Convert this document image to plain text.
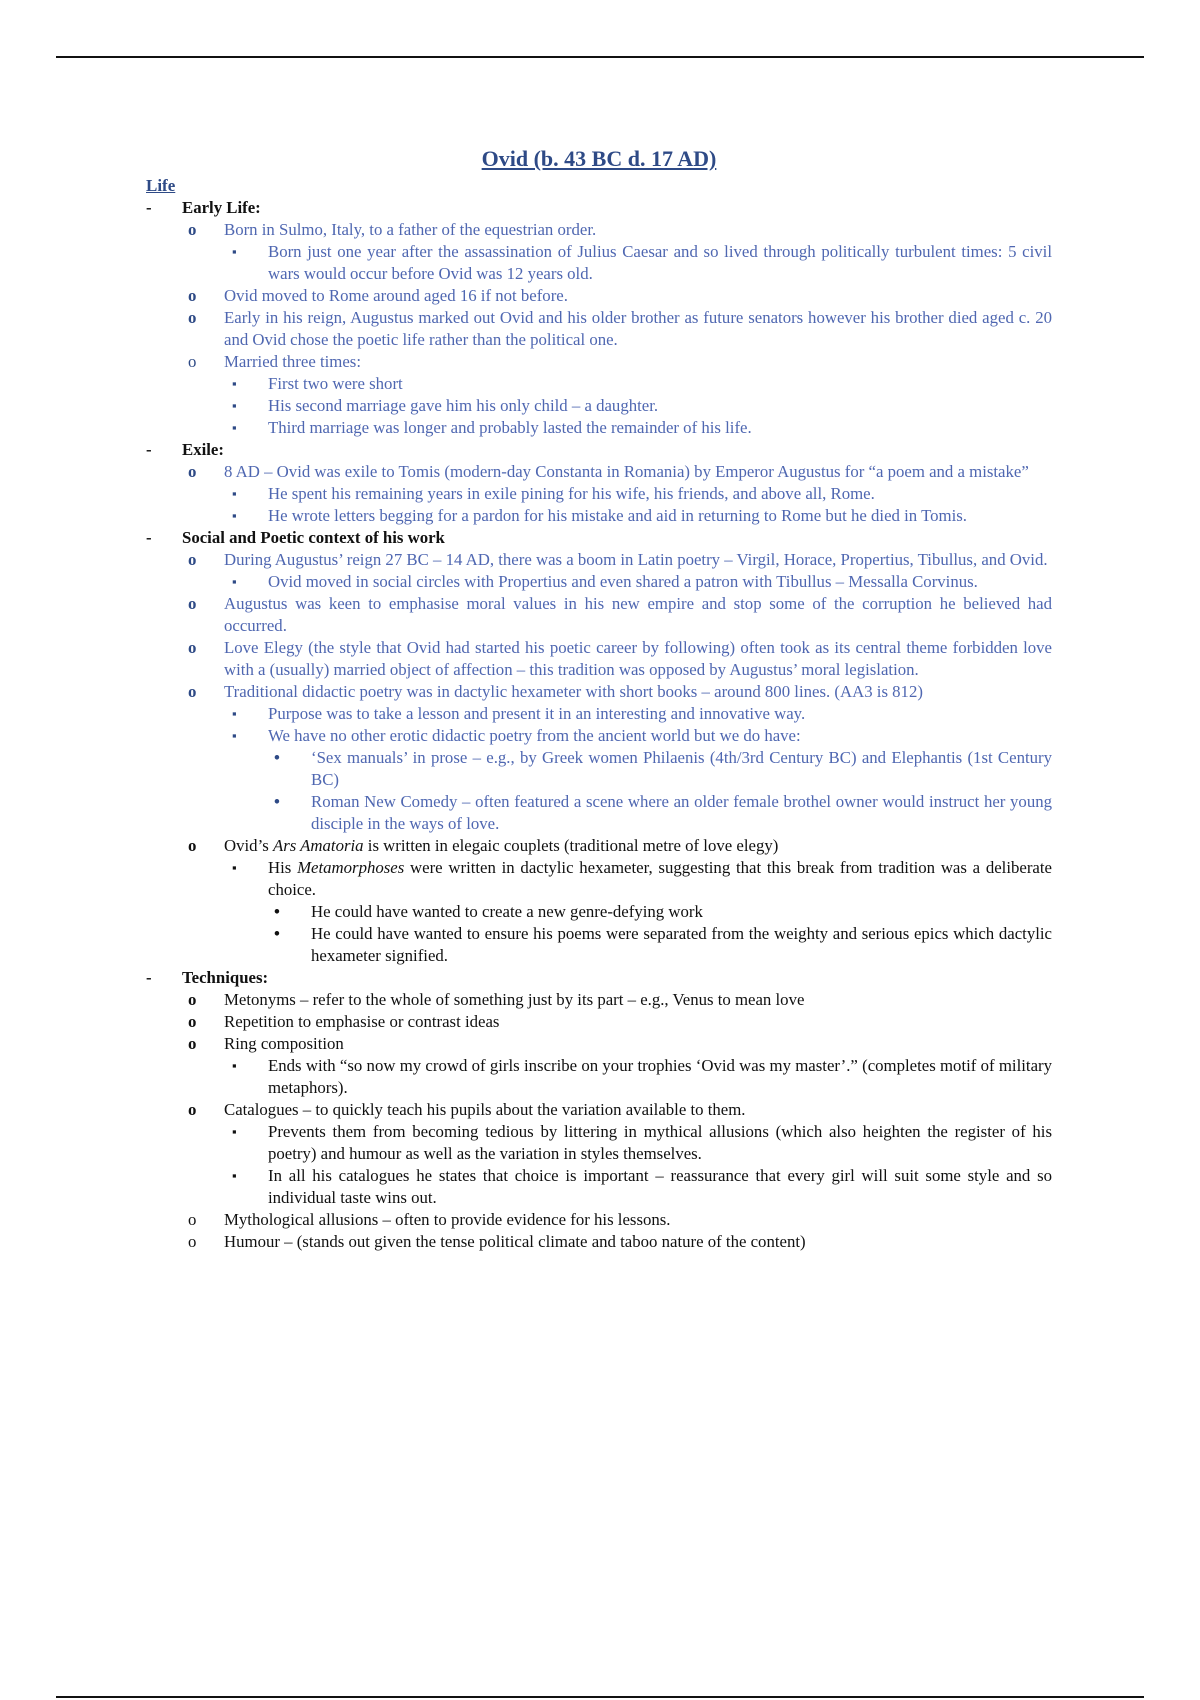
Ovid (b. 43 BC d. 17 AD)
Life
- Early Life:
o Born in Sulmo, Italy, to a father of the equestrian order.
▪ Born just one year after the assassination of Julius Caesar and so lived through politically turbulent times: 5 civil wars would occur before Ovid was 12 years old.
o Ovid moved to Rome around aged 16 if not before.
o Early in his reign, Augustus marked out Ovid and his older brother as future senators however his brother died aged c. 20 and Ovid chose the poetic life rather than the political one.
o Married three times:
▪ First two were short
▪ His second marriage gave him his only child – a daughter.
▪ Third marriage was longer and probably lasted the remainder of his life.
- Exile:
o 8 AD – Ovid was exile to Tomis (modern-day Constanta in Romania) by Emperor Augustus for “a poem and a mistake”
▪ He spent his remaining years in exile pining for his wife, his friends, and above all, Rome.
▪ He wrote letters begging for a pardon for his mistake and aid in returning to Rome but he died in Tomis.
- Social and Poetic context of his work
o During Augustus’ reign 27 BC – 14 AD, there was a boom in Latin poetry – Virgil, Horace, Propertius, Tibullus, and Ovid.
▪ Ovid moved in social circles with Propertius and even shared a patron with Tibullus – Messalla Corvinus.
o Augustus was keen to emphasise moral values in his new empire and stop some of the corruption he believed had occurred.
o Love Elegy (the style that Ovid had started his poetic career by following) often took as its central theme forbidden love with a (usually) married object of affection – this tradition was opposed by Augustus’ moral legislation.
o Traditional didactic poetry was in dactylic hexameter with short books – around 800 lines. (AA3 is 812)
▪ Purpose was to take a lesson and present it in an interesting and innovative way.
▪ We have no other erotic didactic poetry from the ancient world but we do have:
• ‘Sex manuals’ in prose – e.g., by Greek women Philaenis (4th/3rd Century BC) and Elephantis (1st Century BC)
• Roman New Comedy – often featured a scene where an older female brothel owner would instruct her young disciple in the ways of love.
o Ovid’s Ars Amatoria is written in elegaic couplets (traditional metre of love elegy)
▪ His Metamorphoses were written in dactylic hexameter, suggesting that this break from tradition was a deliberate choice.
• He could have wanted to create a new genre-defying work
• He could have wanted to ensure his poems were separated from the weighty and serious epics which dactylic hexameter signified.
- Techniques:
o Metonyms – refer to the whole of something just by its part – e.g., Venus to mean love
o Repetition to emphasise or contrast ideas
o Ring composition
▪ Ends with “so now my crowd of girls inscribe on your trophies ‘Ovid was my master’.” (completes motif of military metaphors).
o Catalogues – to quickly teach his pupils about the variation available to them.
▪ Prevents them from becoming tedious by littering in mythical allusions (which also heighten the register of his poetry) and humour as well as the variation in styles themselves.
▪ In all his catalogues he states that choice is important – reassurance that every girl will suit some style and so individual taste wins out.
o Mythological allusions – often to provide evidence for his lessons.
o Humour – (stands out given the tense political climate and taboo nature of the content)
